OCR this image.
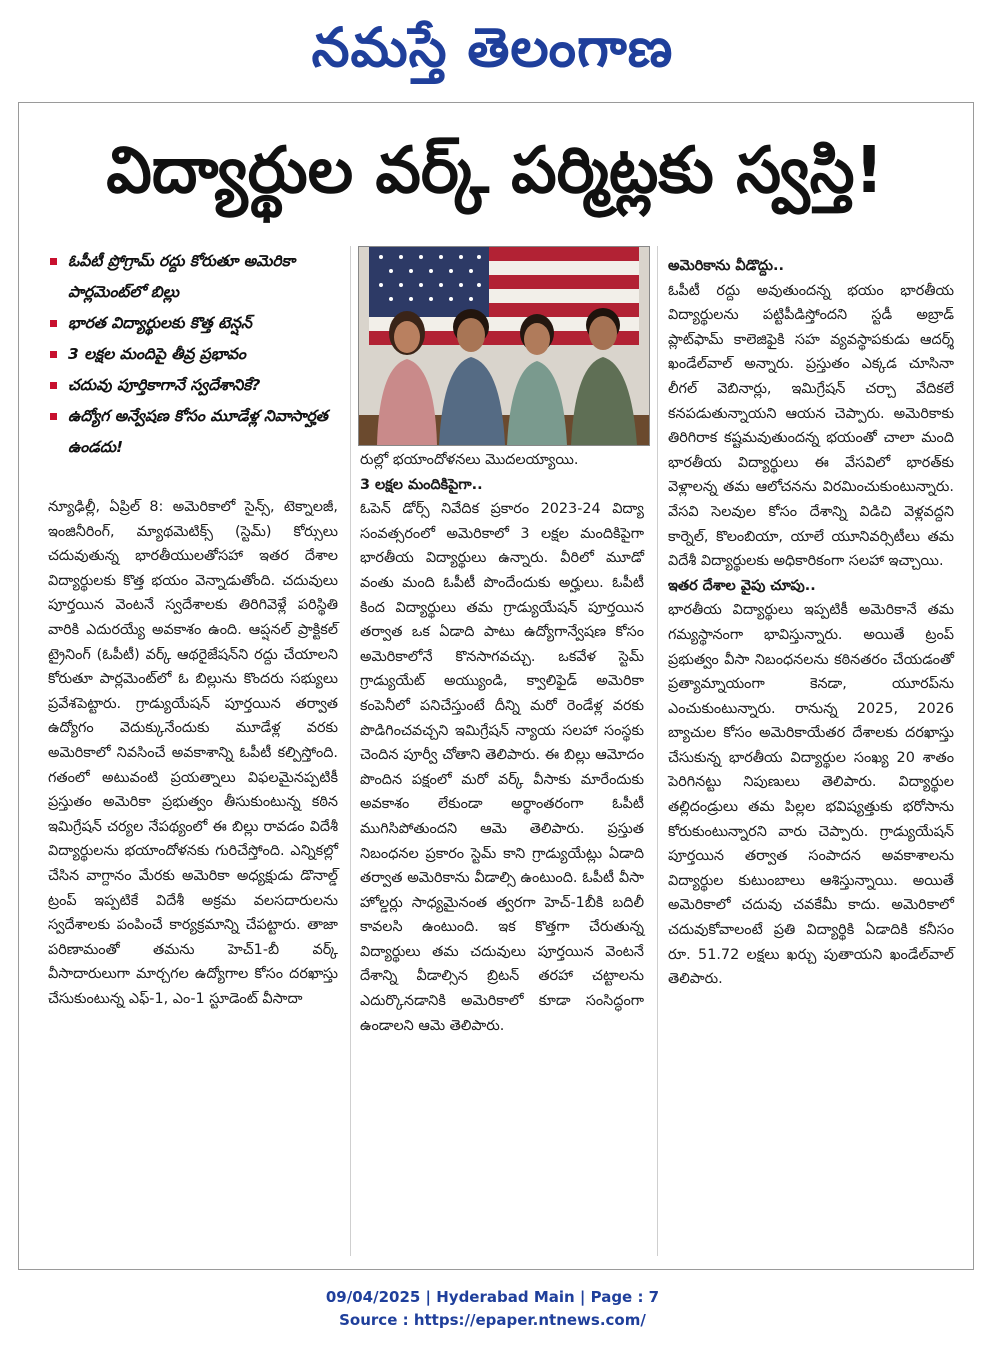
నమస్తే తెలంగాణ
విద్యార్థుల వర్క్‌ పర్మిట్లకు స్వస్తి!
ఓపీటీ ప్రోగ్రామ్‌ రద్దు కోరుతూ అమెరికా పార్లమెంట్‌లో బిల్లు
భారత విద్యార్థులకు కొత్త టెన్షన్‌
3 లక్షల మందిపై తీవ్ర ప్రభావం
చదువు పూర్తికాగానే స్వదేశానికే?
ఉద్యోగ అన్వేషణ కోసం మూడేళ్ల నివాసార్హత ఉండదు!

న్యూఢిల్లీ, ఏప్రిల్‌ 8: అమెరికాలో సైన్స్‌, టెక్నాలజీ, ఇంజినీరింగ్‌, మ్యాథమెటిక్స్‌ (స్టెమ్‌) కోర్సులు చదువుతున్న భారతీయులతోసహా ఇతర దేశాల విద్యార్థులకు కొత్త భయం వెన్నాడుతోంది. చదువులు పూర్తయిన వెంటనే స్వదేశాలకు తిరిగివెళ్లే పరిస్థితి వారికి ఎదురయ్యే అవకాశం ఉంది. ఆప్షనల్‌ ప్రాక్టికల్‌ ట్రైనింగ్‌ (ఓపీటీ) వర్క్‌ ఆథరైజేషన్‌ని రద్దు చేయాలని కోరుతూ పార్లమెంట్‌లో ఓ బిల్లును కొందరు సభ్యులు ప్రవేశపెట్టారు. గ్రాడ్యుయేషన్‌ పూర్తయిన తర్వాత ఉద్యోగం వెదుక్కునేందుకు మూడేళ్ల వరకు అమెరికాలో నివసించే అవకాశాన్ని ఓపీటీ కల్పిస్తోంది. గతంలో అటువంటి ప్రయత్నాలు విఫలమైనప్పటికీ ప్రస్తుతం అమెరికా ప్రభుత్వం తీసుకుంటున్న కఠిన ఇమిగ్రేషన్‌ చర్యల నేపథ్యంలో ఈ బిల్లు రావడం విదేశీ విద్యార్థులను భయాందోళనకు గురిచేస్తోంది. ఎన్నికల్లో చేసిన వాగ్దానం మేరకు అమెరికా అధ్యక్షుడు డొనాల్డ్‌ ట్రంప్‌ ఇప్పటికే విదేశీ అక్రమ వలసదారులను స్వదేశాలకు పంపించే కార్యక్రమాన్ని చేపట్టారు. తాజా పరిణామంతో తమను హెచ్‌1-బీ వర్క్‌ వీసాదారులుగా మార్చగల ఉద్యోగాల కోసం దరఖాస్తు చేసుకుంటున్న ఎఫ్‌-1, ఎం-1 స్టూడెంట్‌ వీసాదా

రుల్లో భయాందోళనలు మొదలయ్యాయి.

3 లక్షల మందికిపైగా..

ఓపెన్‌ డోర్స్‌ నివేదిక ప్రకారం 2023-24 విద్యా సంవత్సరంలో అమెరికాలో 3 లక్షల మందికిపైగా భారతీయ విద్యార్థులు ఉన్నారు. వీరిలో మూడో వంతు మంది ఓపీటీ పొందేందుకు అర్హులు. ఓపీటీ కింద విద్యార్థులు తమ గ్రాడ్యుయేషన్‌ పూర్తయిన తర్వాత ఒక ఏడాది పాటు ఉద్యోగాన్వేషణ కోసం అమెరికాలోనే కొనసాగవచ్చు. ఒకవేళ స్టెమ్‌ గ్రాడ్యుయేట్‌ అయ్యుండి, క్వాలిఫైడ్‌ అమెరికా కంపెనీలో పనిచేస్తుంటే దీన్ని మరో రెండేళ్ల వరకు పొడిగించవచ్చని ఇమిగ్రేషన్‌ న్యాయ సలహా సంస్థకు చెందిన పూర్వీ చోతాని తెలిపారు. ఈ బిల్లు ఆమోదం పొందిన పక్షంలో మరో వర్క్‌ వీసాకు మారేందుకు అవకాశం లేకుండా అర్థాంతరంగా ఓపీటీ ముగిసిపోతుందని ఆమె తెలిపారు. ప్రస్తుత నిబంధనల ప్రకారం స్టెమ్‌ కాని గ్రాడ్యుయేట్లు ఏడాది తర్వాత అమెరికాను వీడాల్సి ఉంటుంది. ఓపీటీ వీసా హోల్డర్లు సాధ్యమైనంత త్వరగా హెచ్‌-1బీకి బదిలీ కావలసి ఉంటుంది. ఇక కొత్తగా చేరుతున్న విద్యార్థులు తమ చదువులు పూర్తయిన వెంటనే దేశాన్ని వీడాల్సిన బ్రిటన్‌ తరహా చట్టాలను ఎదుర్కొనడానికి అమెరికాలో కూడా సంసిద్ధంగా ఉండాలని ఆమె తెలిపారు.

అమెరికాను వీడొద్దు..

ఓపీటీ రద్దు అవుతుందన్న భయం భారతీయ విద్యార్థులను పట్టిపీడిస్తోందని స్టడీ అబ్రాడ్‌ ప్లాట్‌ఫామ్‌ కాలెజిఫైకి సహ వ్యవస్థాపకుడు ఆదర్శ్‌ ఖండేల్‌వాల్‌ అన్నారు. ప్రస్తుతం ఎక్కడ చూసినా లీగల్‌ వెబినార్లు, ఇమిగ్రేషన్‌ చర్చా వేదికలే కనపడుతున్నాయని ఆయన చెప్పారు. అమెరికాకు తిరిగిరాక కష్టమవుతుందన్న భయంతో చాలా మంది భారతీయ విద్యార్థులు ఈ వేసవిలో భారత్‌కు వెళ్లాలన్న తమ ఆలోచనను విరమించుకుంటున్నారు. వేసవి సెలవుల కోసం దేశాన్ని విడిచి వెళ్లవద్దని కార్నెల్‌, కొలంబియా, యాలే యూనివర్సిటీలు తమ విదేశీ విద్యార్థులకు అధికారికంగా సలహా ఇచ్చాయి.

ఇతర దేశాల వైపు చూపు..

భారతీయ విద్యార్థులు ఇప్పటికీ అమెరికానే తమ గమ్యస్థానంగా భావిస్తున్నారు. అయితే ట్రంప్‌ ప్రభుత్వం వీసా నిబంధనలను కఠినతరం చేయడంతో ప్రత్యామ్నాయంగా కెనడా, యూరప్‌ను ఎంచుకుంటున్నారు. రానున్న 2025, 2026 బ్యాచుల కోసం అమెరికాయేతర దేశాలకు దరఖాస్తు చేసుకున్న భారతీయ విద్యార్థుల సంఖ్య 20 శాతం పెరిగినట్టు నిపుణులు తెలిపారు. విద్యార్థుల తల్లిదండ్రులు తమ పిల్లల భవిష్యత్తుకు భరోసాను కోరుకుంటున్నారని వారు చెప్పారు. గ్రాడ్యుయేషన్‌ పూర్తయిన తర్వాత సంపాదన అవకాశాలను విద్యార్థుల కుటుంబాలు ఆశిస్తున్నాయి. అయితే అమెరికాలో చదువు చవకేమీ కాదు. అమెరికాలో చదువుకోవాలంటే ప్రతి విద్యార్థికి ఏడాదికి కనీసం రూ. 51.72 లక్షలు ఖర్చు పుతాయని ఖండేల్‌వాల్‌ తెలిపారు.

09/04/2025 | Hyderabad Main | Page : 7
Source : https://epaper.ntnews.com/
